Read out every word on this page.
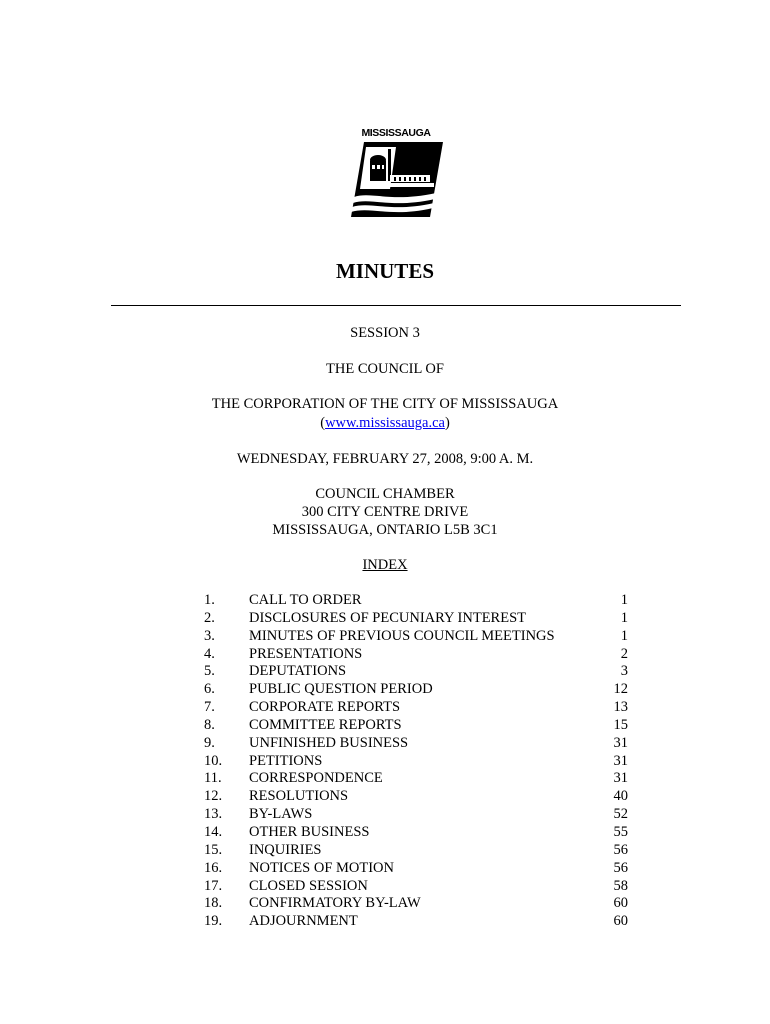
MISSISSAUGA
MINUTES
SESSION 3
THE COUNCIL OF
THE CORPORATION OF THE CITY OF MISSISSAUGA
(www.mississauga.ca)
WEDNESDAY, FEBRUARY 27, 2008, 9:00 A. M.
COUNCIL CHAMBER
300 CITY CENTRE DRIVE
MISSISSAUGA, ONTARIO L5B 3C1
INDEX
1. CALL TO ORDER	1
2. DISCLOSURES OF PECUNIARY INTEREST	1
3. MINUTES OF PREVIOUS COUNCIL MEETINGS	1
4. PRESENTATIONS	2
5. DEPUTATIONS	3
6. PUBLIC QUESTION PERIOD	12
7. CORPORATE REPORTS	13
8. COMMITTEE REPORTS	15
9. UNFINISHED BUSINESS	31
10. PETITIONS	31
11. CORRESPONDENCE	31
12. RESOLUTIONS	40
13. BY-LAWS	52
14. OTHER BUSINESS	55
15. INQUIRIES	56
16. NOTICES OF MOTION	56
17. CLOSED SESSION	58
18. CONFIRMATORY BY-LAW	60
19. ADJOURNMENT	60
